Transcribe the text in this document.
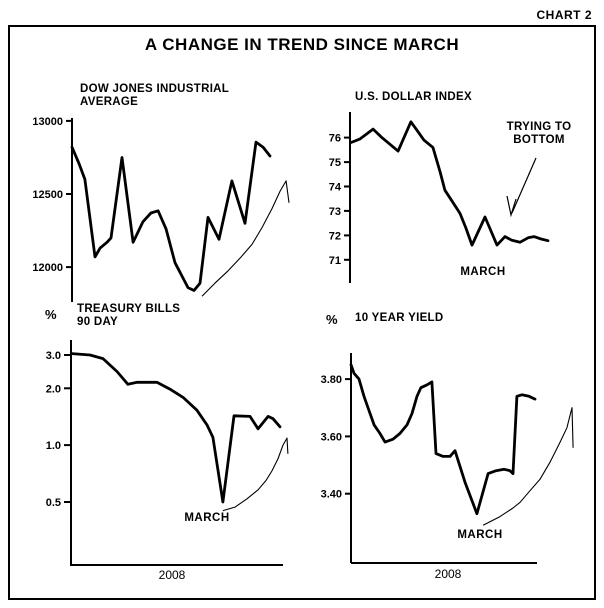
CHART 2
A CHANGE IN TREND SINCE MARCH
DOW JONES INDUSTRIAL
AVERAGE	U.S. DOLLAR INDEX
TRYING TO
BOTTOM
MARCH
% TREASURY BILLS
90 DAY
MARCH
2008
% 10 YEAR YIELD
MARCH
2008
13000
12500
12000
76
75
74
73
72
71
3.0
2.0
1.0
0.5
3.80
3.60
3.40
